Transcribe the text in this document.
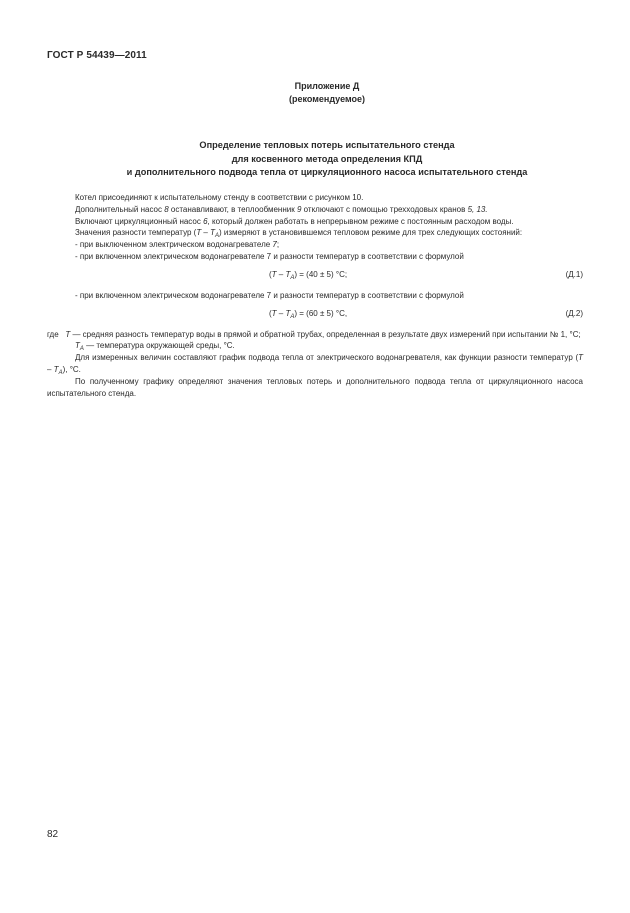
ГОСТ Р 54439—2011
Приложение Д
(рекомендуемое)
Определение тепловых потерь испытательного стенда
для косвенного метода определения КПД
и дополнительного подвода тепла от циркуляционного насоса испытательного стенда

Котел присоединяют к испытательному стенду в соответствии с рисунком 10.

Дополнительный насос 8 останавливают, в теплообменник 9 отключают с помощью трехходовых кранов 5, 13.

Включают циркуляционный насос 6, который должен работать в непрерывном режиме с постоянным расходом воды.

Значения разности температур $(T - T_A)$ измеряют в установившемся тепловом режиме для трех следующих состояний:

- при выключенном электрическом водонагревателе 7;

- при включенном электрическом водонагревателе 7 и разности температур в соответствии с формулой

$(T - T_A) = (40 \pm 5)$ °C;	(Д.1)

- при включенном электрическом водонагревателе 7 и разности температур в соответствии с формулой

$(T - T_A) = (60 \pm 5)$ °C,	(Д.2)

где   T — средняя разность температур воды в прямой и обратной трубах, определенная в результате двух измерений при испытании № 1, °C;

$T_A$ — температура окружающей среды, °C.

Для измеренных величин составляют график подвода тепла от электрического водонагревателя, как функции разности температур $(T - T_A)$, °C.

По полученному графику определяют значения тепловых потерь и дополнительного подвода тепла от циркуляционного насоса испытательного стенда.

82
